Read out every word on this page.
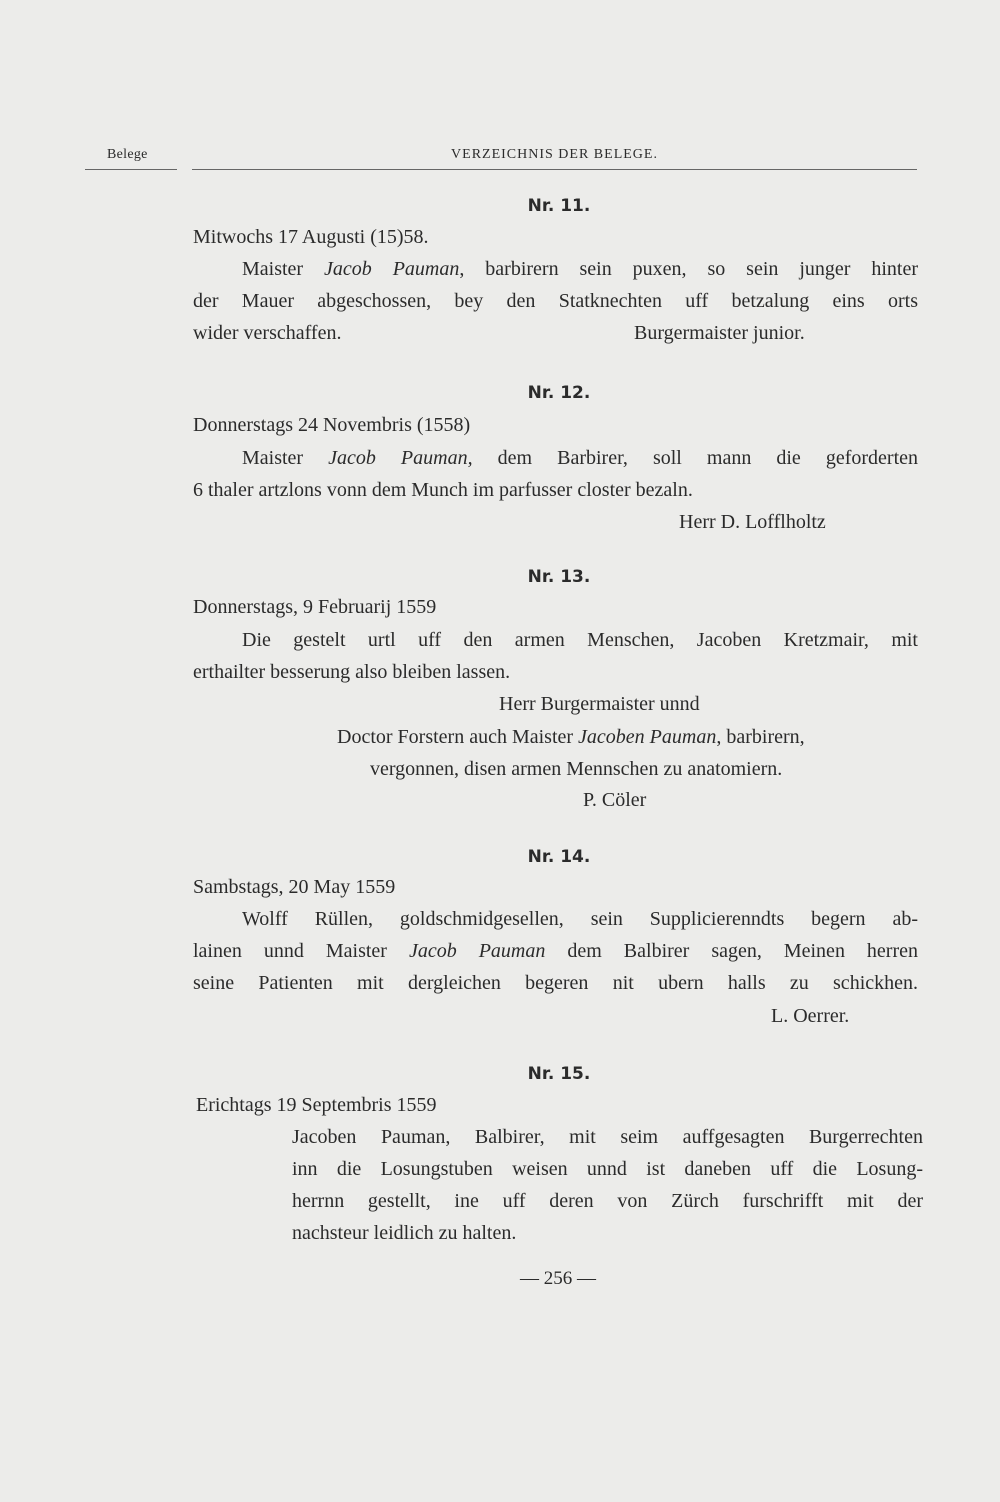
Belege	VERZEICHNIS DER BELEGE.
Nr. 11.
Mitwochs 17 Augusti (15)58.
Maister Jacob Pauman, barbirern sein puxen, so sein junger hinter
der Mauer abgeschossen, bey den Statknechten uff betzalung eins orts
wider verschaffen.	Burgermaister junior.
Nr. 12.
Donnerstags 24 Novembris (1558)
Maister Jacob Pauman, dem Barbirer, soll mann die geforderten
6 thaler artzlons vonn dem Munch im parfusser closter bezaln.
Herr D. Lofflholtz
Nr. 13.
Donnerstags, 9 Februarij 1559
Die gestelt urtl uff den armen Menschen, Jacoben Kretzmair, mit
erthailter besserung also bleiben lassen.
Herr Burgermaister unnd
Doctor Forstern auch Maister Jacoben Pauman, barbirern,
vergonnen, disen armen Mennschen zu anatomiern.
P. Cöler
Nr. 14.
Sambstags, 20 May 1559
Wolff Rüllen, goldschmidgesellen, sein Supplicierenndts begern ab-
lainen unnd Maister Jacob Pauman dem Balbirer sagen, Meinen herren
seine Patienten mit dergleichen begeren nit ubern halls zu schickhen.
L. Oerrer.
Nr. 15.
Erichtags 19 Septembris 1559
Jacoben Pauman, Balbirer, mit seim auffgesagten Burgerrechten
inn die Losungstuben weisen unnd ist daneben uff die Losung-
herrnn gestellt, ine uff deren von Zürch furschrifft mit der
nachsteur leidlich zu halten.
— 256 —
